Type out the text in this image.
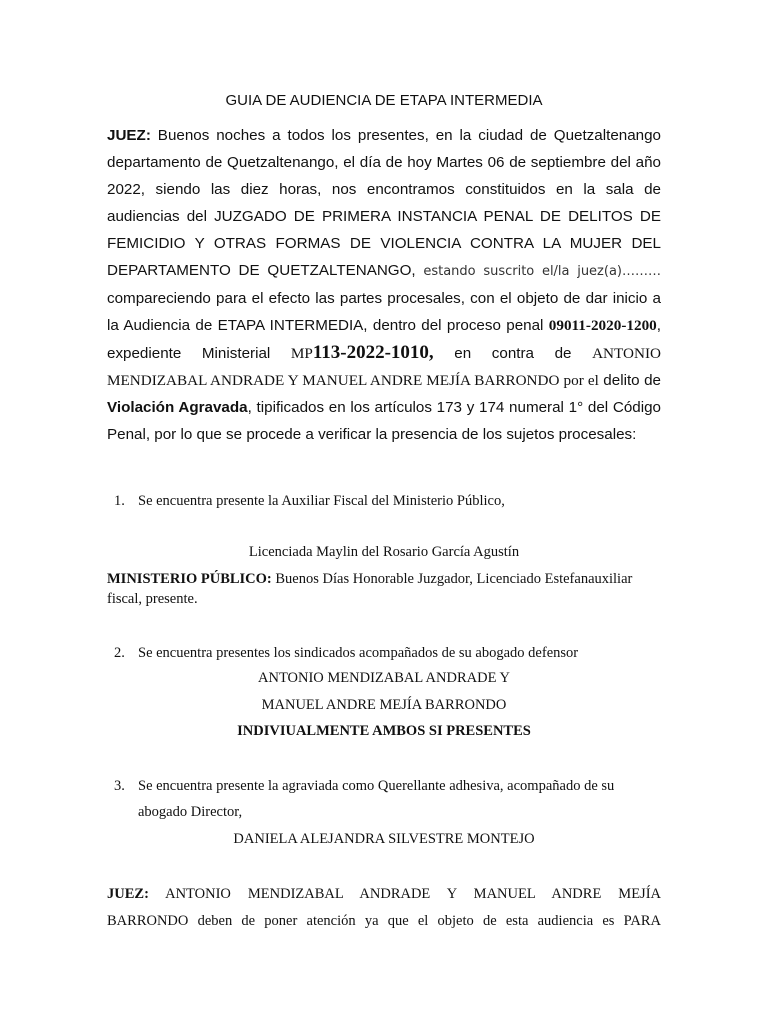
GUIA DE AUDIENCIA DE ETAPA INTERMEDIA

JUEZ: Buenos noches a todos los presentes, en la ciudad de Quetzaltenango departamento de Quetzaltenango, el día de hoy Martes 06 de septiembre del año 2022, siendo las diez horas, nos encontramos constituidos en la sala de audiencias del JUZGADO DE PRIMERA INSTANCIA PENAL DE DELITOS DE FEMICIDIO Y OTRAS FORMAS DE VIOLENCIA CONTRA LA MUJER DEL DEPARTAMENTO DE QUETZALTENANGO, estando suscrito el/la juez(a)……… compareciendo para el efecto las partes procesales, con el objeto de dar inicio a la Audiencia de ETAPA INTERMEDIA, dentro del proceso penal 09011-2020-1200, expediente Ministerial MP113-2022-1010, en contra de ANTONIO MENDIZABAL ANDRADE Y MANUEL ANDRE MEJÍA BARRONDO por el delito de Violación Agravada, tipificados en los artículos 173 y 174 numeral 1° del Código Penal, por lo que se procede a verificar la presencia de los sujetos procesales:

1. Se encuentra presente la Auxiliar Fiscal del Ministerio Público,
Licenciada Maylin del Rosario García Agustín

MINISTERIO PÚBLICO: Buenos Días Honorable Juzgador, Licenciado Estefanauxiliar fiscal, presente.

2. Se encuentra presentes los sindicados acompañados de su abogado defensor
ANTONIO MENDIZABAL ANDRADE Y
MANUEL ANDRE MEJÍA BARRONDO
INDIVIUALMENTE AMBOS SI PRESENTES
3. Se encuentra presente la agraviada como Querellante adhesiva, acompañado de su
abogado Director,
DANIELA ALEJANDRA SILVESTRE MONTEJO

JUEZ: ANTONIO MENDIZABAL ANDRADE Y MANUEL ANDRE MEJÍA
BARRONDO deben de poner atención ya que el objeto de esta audiencia es PARA
